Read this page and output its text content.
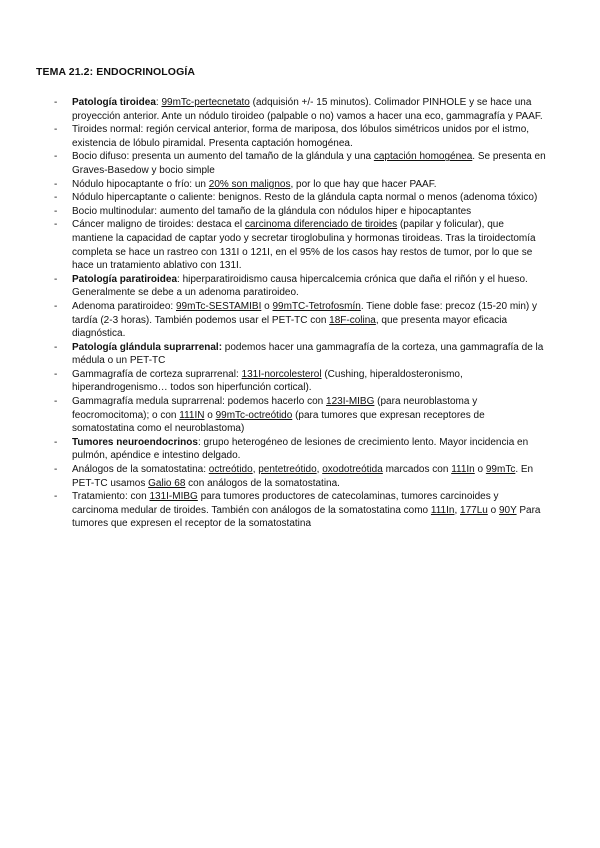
TEMA 21.2: ENDOCRINOLOGÍA
- Patología tiroidea: 99mTc-pertecnetato (adquisión +/- 15 minutos). Colimador PINHOLE y se hace una proyección anterior. Ante un nódulo tiroideo (palpable o no) vamos a hacer una eco, gammagrafía y PAAF.
- Tiroides normal: región cervical anterior, forma de mariposa, dos lóbulos simétricos unidos por el istmo, existencia de lóbulo piramidal. Presenta captación homogénea.
- Bocio difuso: presenta un aumento del tamaño de la glándula y una captación homogénea. Se presenta en Graves-Basedow y bocio simple
- Nódulo hipocaptante o frío: un 20% son malignos, por lo que hay que hacer PAAF.
- Nódulo hipercaptante o caliente: benignos. Resto de la glándula capta normal o menos (adenoma tóxico)
- Bocio multinodular: aumento del tamaño de la glándula con nódulos hiper e hipocaptantes
- Cáncer maligno de tiroides: destaca el carcinoma diferenciado de tiroides (papilar y folicular), que mantiene la capacidad de captar yodo y secretar tiroglobulina y hormonas tiroideas. Tras la tiroidectomía completa se hace un rastreo con 131I o 121I, en el 95% de los casos hay restos de tumor, por lo que se hace un tratamiento ablativo con 131I.
- Patología paratiroidea: hiperparatiroidismo causa hipercalcemia crónica que daña el riñón y el hueso. Generalmente se debe a un adenoma paratiroideo.
- Adenoma paratiroideo: 99mTc-SESTAMIBI o 99mTC-Tetrofosmín. Tiene doble fase: precoz (15-20 min) y tardía (2-3 horas). También podemos usar el PET-TC con 18F-colina, que presenta mayor eficacia diagnóstica.
- Patología glándula suprarrenal: podemos hacer una gammagrafía de la corteza, una gammagrafía de la médula o un PET-TC
- Gammagrafía de corteza suprarrenal: 131I-norcolesterol (Cushing, hiperaldosteronismo, hiperandrogenismo… todos son hiperfunción cortical).
- Gammagrafía medula suprarrenal: podemos hacerlo con 123I-MIBG (para neuroblastoma y feocromocitoma); o con 111IN o 99mTc-octreótido (para tumores que expresan receptores de somatostatina como el neuroblastoma)
- Tumores neuroendocrinos: grupo heterogéneo de lesiones de crecimiento lento. Mayor incidencia en pulmón, apéndice e intestino delgado.
- Análogos de la somatostatina: octreótido, pentetreótido, oxodotreótida marcados con 111In o 99mTc. En PET-TC usamos Galio 68 con análogos de la somatostatina.
- Tratamiento: con 131I-MIBG para tumores productores de catecolaminas, tumores carcinoides y carcinoma medular de tiroides. También con análogos de la somatostatina como 111In, 177Lu o 90Y Para tumores que expresen el receptor de la somatostatina
